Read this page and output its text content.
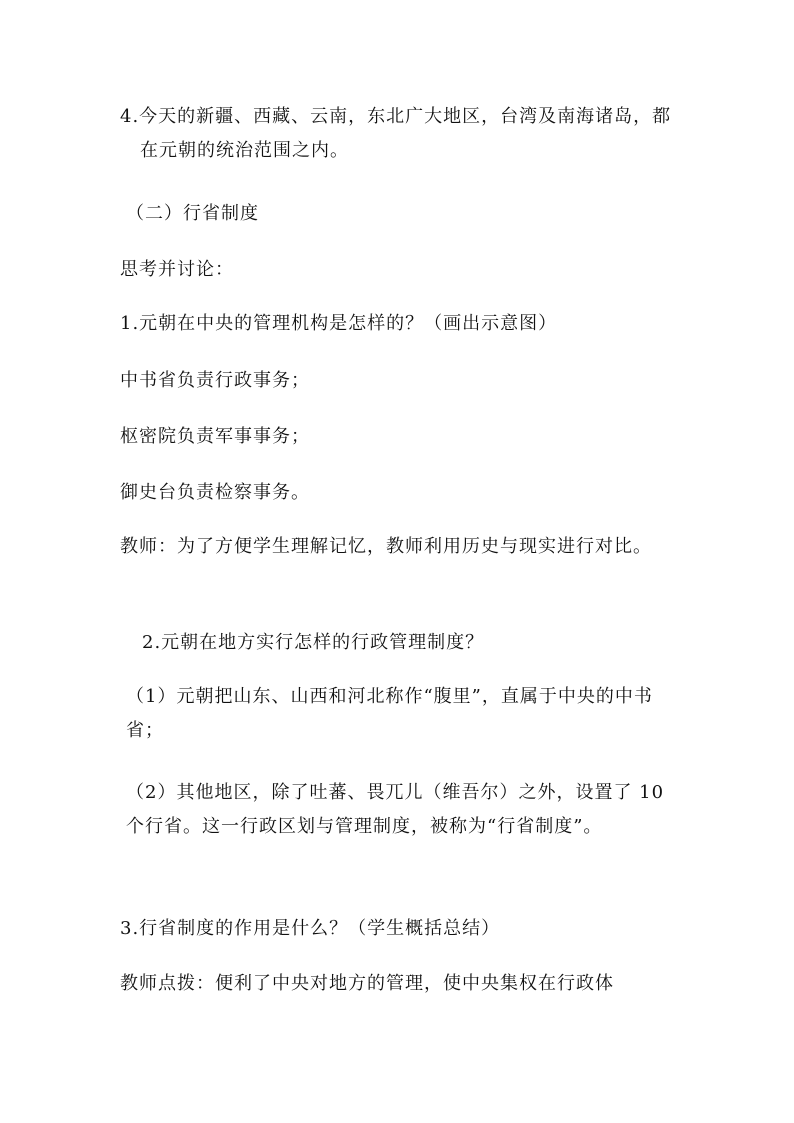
4.今天的新疆、西藏、云南，东北广大地区，台湾及南海诸岛，都在元朝的统治范围之内。

（二）行省制度

思考并讨论：

1.元朝在中央的管理机构是怎样的？（画出示意图）

中书省负责行政事务；

枢密院负责军事事务；

御史台负责检察事务。

教师：为了方便学生理解记忆，教师利用历史与现实进行对比。

2.元朝在地方实行怎样的行政管理制度？

（1）元朝把山东、山西和河北称作“腹里”，直属于中央的中书省；

（2）其他地区，除了吐蕃、畏兀儿（维吾尔）之外，设置了 10 个行省。这一行政区划与管理制度，被称为“行省制度”。

3.行省制度的作用是什么？（学生概括总结）

教师点拨：便利了中央对地方的管理，使中央集权在行政体
